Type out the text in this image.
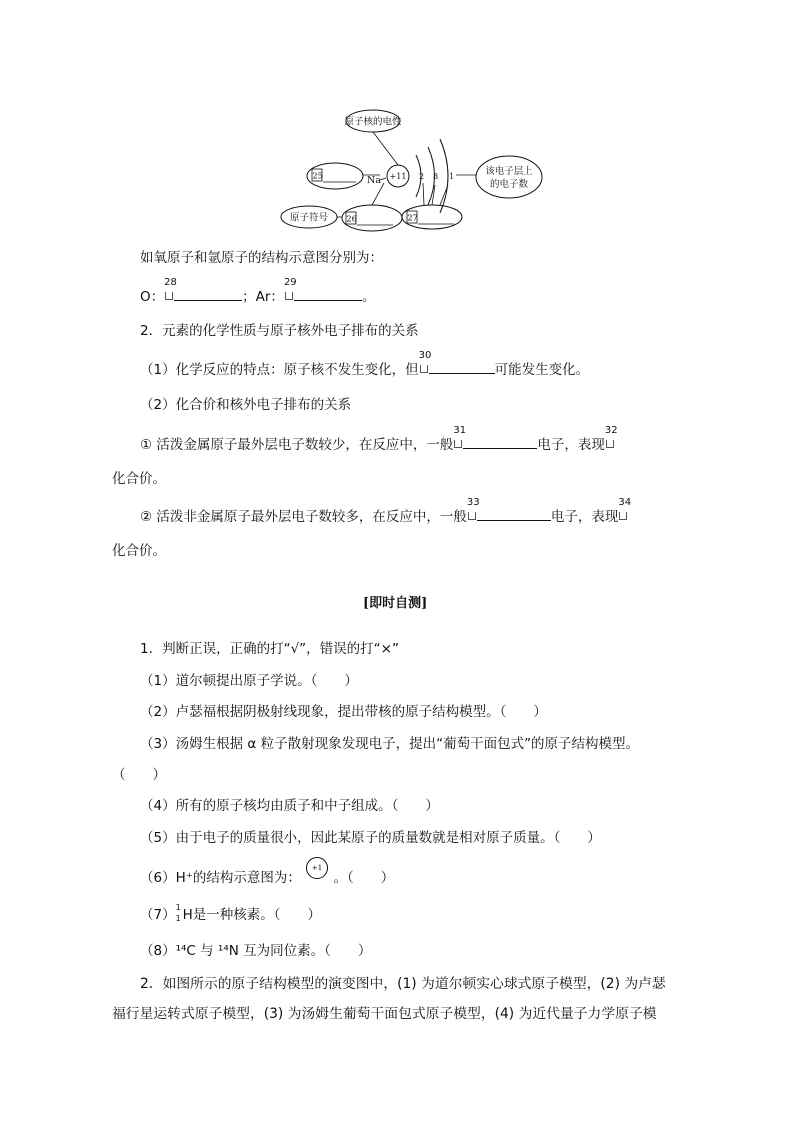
原子核的电性
25	Na +11 2 8 1	该电子层上
的电子数
原子符号 26	27
如氧原子和氩原子的结构示意图分别为：
O：
28
；Ar：
29
。
2．元素的化学性质与原子核外电子排布的关系
（1）化学反应的特点：原子核不发生变化，但
30
可能发生变化。
（2）化合价和核外电子排布的关系
① 活泼金属原子最外层电子数较少，在反应中，一般
31
电子，表现
32
化合价。
② 活泼非金属原子最外层电子数较多，在反应中，一般
33
电子，表现
34
化合价。
[即时自测]
1．判断正误，正确的打“√”，错误的打“×”
（1）道尔顿提出原子学说。（　　）
（2）卢瑟福根据阴极射线现象，提出带核的原子结构模型。（　　）
（3）汤姆生根据 α 粒子散射现象发现电子，提出“葡萄干面包式”的原子结构模型。
（　　）
（4）所有的原子核均由质子和中子组成。（　　）
（5）由于电子的质量很小，因此某原子的质量数就是相对原子质量。（　　）
（6）H⁺的结构示意图为：
+1
。（　　）
（7） 1
1 H是一种核素。（　　）
（8）¹⁴C 与 ¹⁴N 互为同位素。（　　）
2．如图所示的原子结构模型的演变图中，(1) 为道尔顿实心球式原子模型，(2) 为卢瑟
福行星运转式原子模型，(3) 为汤姆生葡萄干面包式原子模型，(4) 为近代量子力学原子模
